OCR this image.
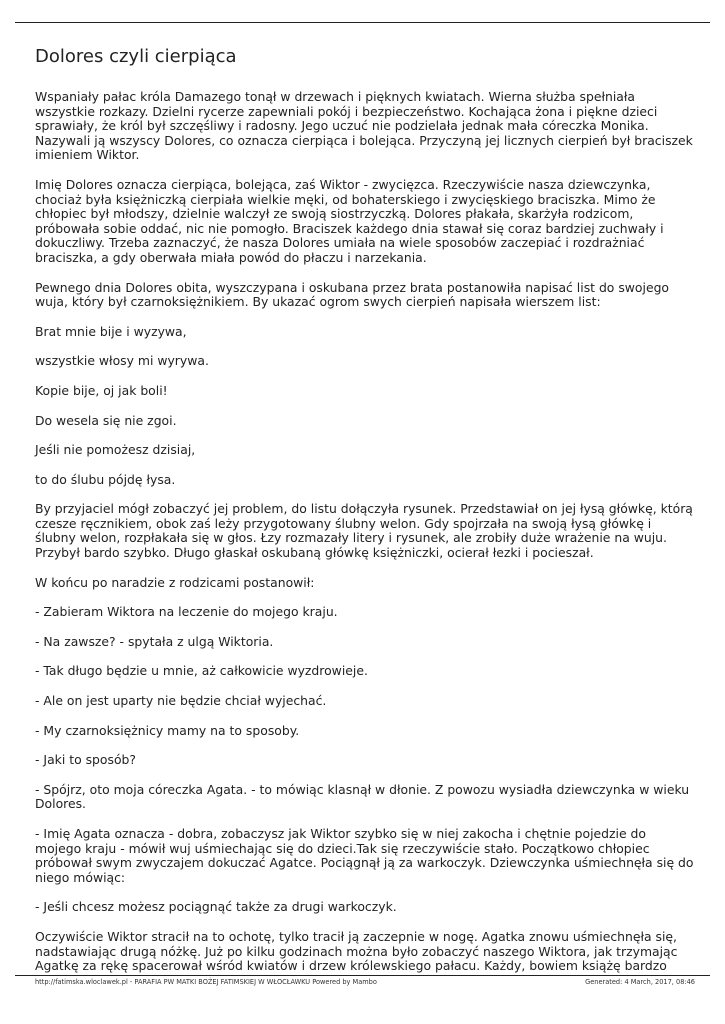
Dolores czyli cierpiąca

Wspaniały pałac króla Damazego tonął w drzewach i pięknych kwiatach. Wierna służba spełniała wszystkie rozkazy. Dzielni rycerze zapewniali pokój i bezpieczeństwo. Kochająca żona i piękne dzieci sprawiały, że król był szczęśliwy i radosny. Jego uczuć nie podzielała jednak mała córeczka Monika. Nazywali ją wszyscy Dolores, co oznacza cierpiąca i bolejąca. Przyczyną jej licznych cierpień był braciszek imieniem Wiktor.

Imię Dolores oznacza cierpiąca, bolejąca, zaś Wiktor - zwycięzca. Rzeczywiście nasza dziewczynka, chociaż była księżniczką cierpiała wielkie męki, od bohaterskiego i zwycięskiego braciszka. Mimo że chłopiec był młodszy, dzielnie walczył ze swoją siostrzyczką. Dolores płakała, skarżyła rodzicom, próbowała sobie oddać, nic nie pomogło. Braciszek każdego dnia stawał się coraz bardziej zuchwały i dokuczliwy. Trzeba zaznaczyć, że nasza Dolores umiała na wiele sposobów zaczepiać i rozdrażniać braciszka, a gdy oberwała miała powód do płaczu i narzekania.

Pewnego dnia Dolores obita, wyszczypana i oskubana przez brata postanowiła napisać list do swojego wuja, który był czarnoksiężnikiem. By ukazać ogrom swych cierpień napisała wierszem list:

Brat mnie bije i wyzywa,

wszystkie włosy mi wyrywa.

Kopie bije, oj jak boli!

Do wesela się nie zgoi.

Jeśli nie pomożesz dzisiaj,

to do ślubu pójdę łysa.

By przyjaciel mógł zobaczyć jej problem, do listu dołączyła rysunek. Przedstawiał on jej łysą główkę, którą czesze ręcznikiem, obok zaś leży przygotowany ślubny welon. Gdy spojrzała na swoją łysą główkę i ślubny welon, rozpłakała się w głos. Łzy rozmazały litery i rysunek, ale zrobiły duże wrażenie na wuju. Przybył bardo szybko. Długo głaskał oskubaną główkę księżniczki, ocierał łezki i pocieszał.

W końcu po naradzie z rodzicami postanowił:

- Zabieram Wiktora na leczenie do mojego kraju.

- Na zawsze? - spytała z ulgą Wiktoria.

- Tak długo będzie u mnie, aż całkowicie wyzdrowieje.

- Ale on jest uparty nie będzie chciał wyjechać.

- My czarnoksiężnicy mamy na to sposoby.

- Jaki to sposób?

- Spójrz, oto moja córeczka Agata. - to mówiąc klasnął w dłonie. Z powozu wysiadła dziewczynka w wieku Dolores.

- Imię Agata oznacza - dobra, zobaczysz jak Wiktor szybko się w niej zakocha i chętnie pojedzie do mojego kraju - mówił wuj uśmiechając się do dzieci.Tak się rzeczywiście stało. Początkowo chłopiec próbował swym zwyczajem dokuczać Agatce. Pociągnął ją za warkoczyk. Dziewczynka uśmiechnęła się do niego mówiąc:

- Jeśli chcesz możesz pociągnąć także za drugi warkoczyk.

Oczywiście Wiktor stracił na to ochotę, tylko tracił ją zaczepnie w nogę. Agatka znowu uśmiechnęła się, nadstawiając drugą nóżkę. Już po kilku godzinach można było zobaczyć naszego Wiktora, jak trzymając Agatkę za rękę spacerował wśród kwiatów i drzew królewskiego pałacu. Każdy, bowiem książę bardzo

http://fatimska.wloclawek.pl - PARAFIA PW MATKI BOŻEJ FATIMSKIEJ W WŁOCŁAWKU Powered by Mambo	Generated: 4 March, 2017, 08:46
